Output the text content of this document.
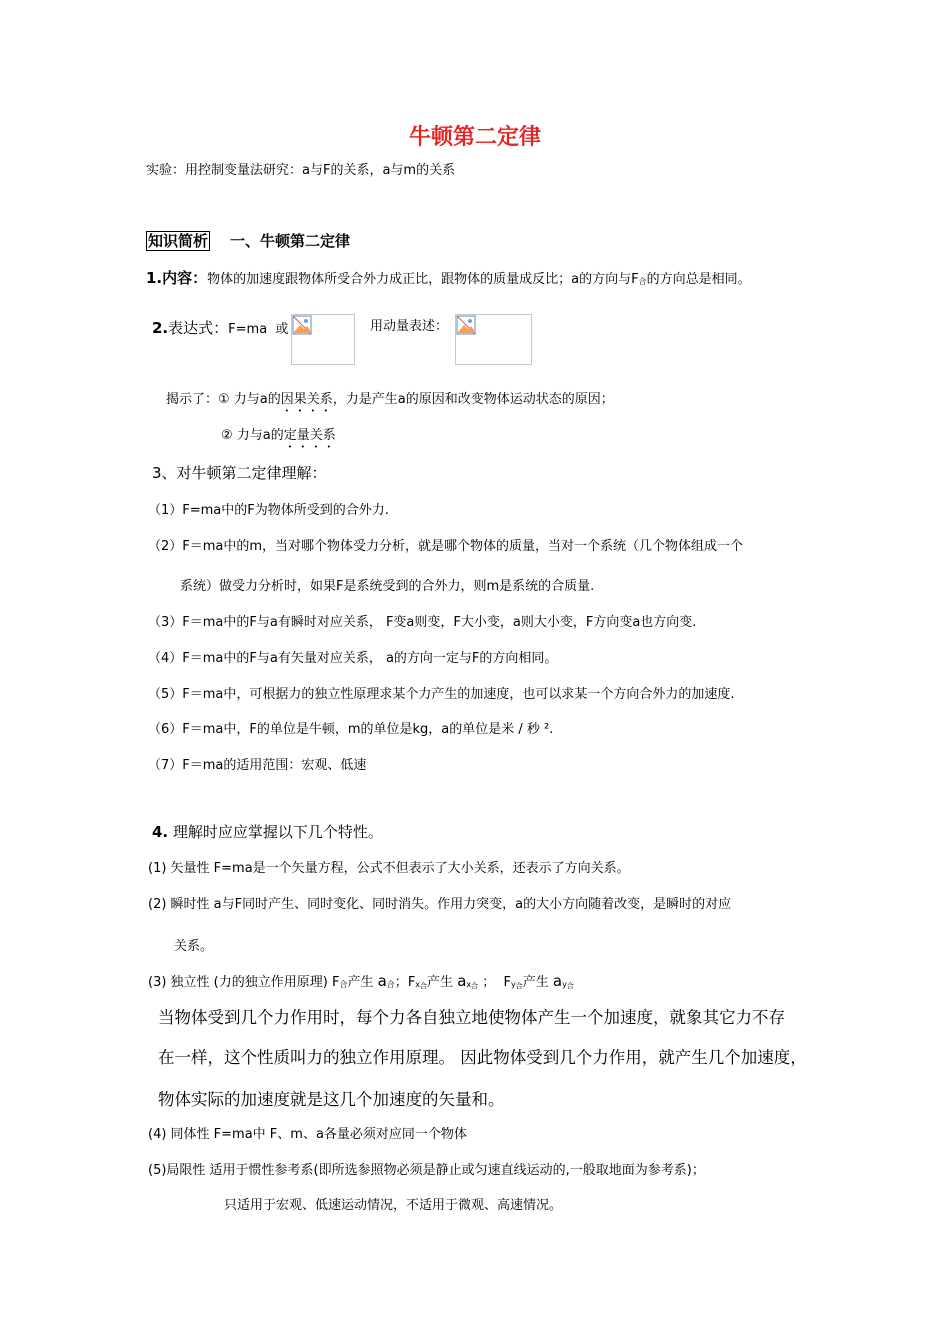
牛顿第二定律
实验：用控制变量法研究：a与F的关系，a与m的关系
知识简析 一、牛顿第二定律
1.内容：物体的加速度跟物体所受合外力成正比，跟物体的质量成反比；a的方向与F合的方向总是相同。
2.表达式：F=ma 或	用动量表述：
揭示了：① 力与a的因果关系，力是产生a的原因和改变物体运动状态的原因；
② 力与a的定量关系
3、对牛顿第二定律理解：
（1）F=ma中的F为物体所受到的合外力.
（2）F＝ma中的m，当对哪个物体受力分析，就是哪个物体的质量，当对一个系统（几个物体组成一个
系统）做受力分析时，如果F是系统受到的合外力，则m是系统的合质量.
（3）F＝ma中的F与a有瞬时对应关系， F变a则变，F大小变，a则大小变，F方向变a也方向变.
（4）F＝ma中的F与a有矢量对应关系， a的方向一定与F的方向相同。
（5）F＝ma中，可根据力的独立性原理求某个力产生的加速度，也可以求某一个方向合外力的加速度.
（6）F＝ma中，F的单位是牛顿，m的单位是kg，a的单位是米 / 秒 ².
（7）F＝ma的适用范围：宏观、低速
4. 理解时应应掌握以下几个特性。
(1) 矢量性 F=ma是一个矢量方程，公式不但表示了大小关系，还表示了方向关系。
(2) 瞬时性 a与F同时产生、同时变化、同时消失。作用力突变，a的大小方向随着改变，是瞬时的对应
关系。
(3) 独立性 (力的独立作用原理) F合产生 a合；Fx合产生 ax合 ； Fy合产生 ay合
当物体受到几个力作用时，每个力各自独立地使物体产生一个加速度，就象其它力不存
在一样，这个性质叫力的独立作用原理。 因此物体受到几个力作用，就产生几个加速度，
物体实际的加速度就是这几个加速度的矢量和。
(4) 同体性 F=ma中 F、m、a各量必须对应同一个物体
(5)局限性 适用于惯性参考系(即所选参照物必须是静止或匀速直线运动的,一般取地面为参考系)；
只适用于宏观、低速运动情况，不适用于微观、高速情况。
